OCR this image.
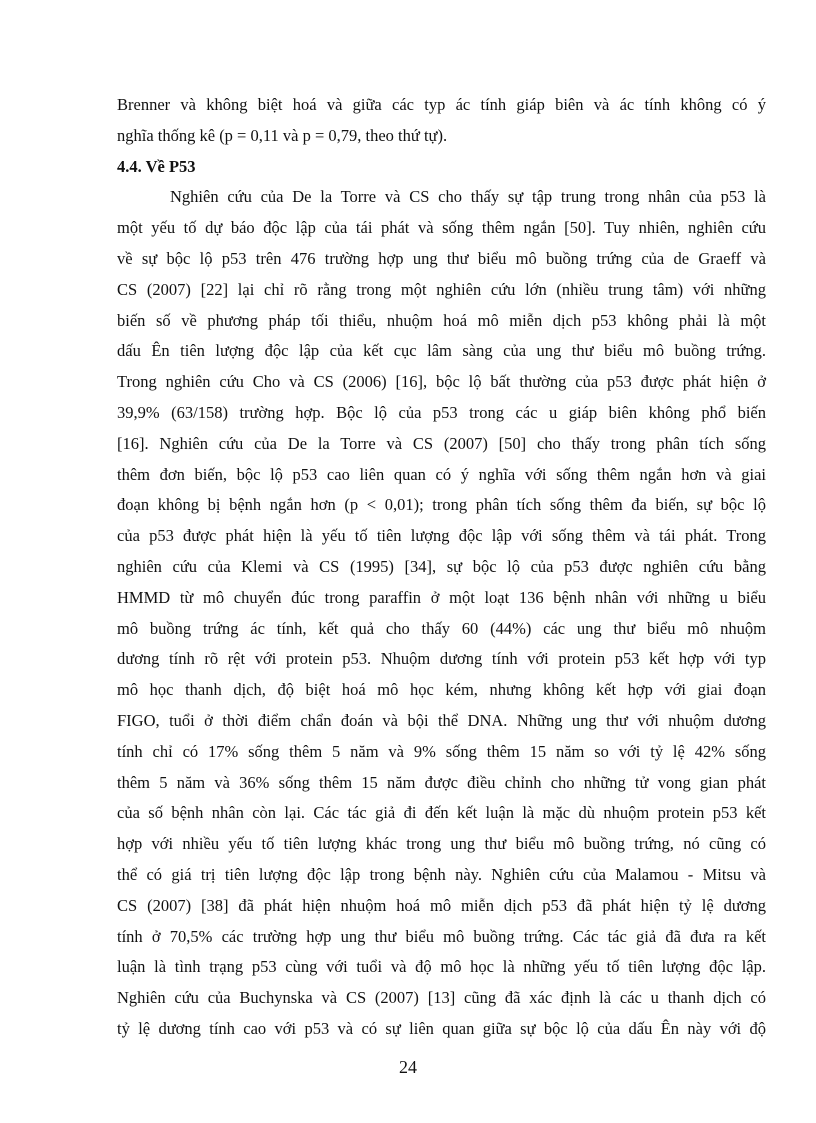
Brenner và không biệt hoá và giữa các typ ác tính giáp biên và ác tính không có ý
nghĩa thống kê (p = 0,11 và p = 0,79, theo thứ tự).
4.4. Về P53
Nghiên cứu của De la Torre và CS cho thấy sự tập trung trong nhân của p53 là
một yếu tố dự báo độc lập của tái phát và sống thêm ngắn [50]. Tuy nhiên, nghiên cứu
về sự bộc lộ p53 trên 476 trường hợp ung thư biểu mô buồng trứng của de Graeff và
CS (2007) [22] lại chỉ rõ rằng trong một nghiên cứu lớn (nhiều trung tâm) với những
biến số về phương pháp tối thiểu, nhuộm hoá mô miễn dịch p53 không phải là một
dấu Ên tiên lượng độc lập của kết cục lâm sàng của ung thư biểu mô buồng trứng.
Trong nghiên cứu Cho và CS (2006) [16], bộc lộ bất thường của p53 được phát hiện ở
39,9% (63/158) trường hợp. Bộc lộ của p53 trong các u giáp biên không phổ biến
[16]. Nghiên cứu của De la Torre và CS (2007) [50] cho thấy trong phân tích sống
thêm đơn biến, bộc lộ p53 cao liên quan có ý nghĩa với sống thêm ngắn hơn và giai
đoạn không bị bệnh ngắn hơn (p < 0,01); trong phân tích sống thêm đa biến, sự bộc lộ
của p53 được phát hiện là yếu tố tiên lượng độc lập với sống thêm và tái phát. Trong
nghiên cứu của Klemi và CS (1995) [34], sự bộc lộ của p53 được nghiên cứu bằng
HMMD từ mô chuyển đúc trong paraffin ở một loạt 136 bệnh nhân với những u biểu
mô buồng trứng ác tính, kết quả cho thấy 60 (44%) các ung thư biểu mô nhuộm
dương tính rõ rệt với protein p53. Nhuộm dương tính với protein p53 kết hợp với typ
mô học thanh dịch, độ biệt hoá mô học kém, nhưng không kết hợp với giai đoạn
FIGO, tuổi ở thời điểm chẩn đoán và bội thể DNA. Những ung thư với nhuộm dương
tính chỉ có 17% sống thêm 5 năm và 9% sống thêm 15 năm so với tỷ lệ 42% sống
thêm 5 năm và 36% sống thêm 15 năm được điều chỉnh cho những tử vong gian phát
của số bệnh nhân còn lại. Các tác giả đi đến kết luận là mặc dù nhuộm protein p53 kết
hợp với nhiều yếu tố tiên lượng khác trong ung thư biểu mô buồng trứng, nó cũng có
thể có giá trị tiên lượng độc lập trong bệnh này. Nghiên cứu của Malamou - Mitsu và
CS (2007) [38] đã phát hiện nhuộm hoá mô miễn dịch p53 đã phát hiện tỷ lệ dương
tính ở 70,5% các trường hợp ung thư biểu mô buồng trứng. Các tác giả đã đưa ra kết
luận là tình trạng p53 cùng với tuổi và độ mô học là những yếu tố tiên lượng độc lập.
Nghiên cứu của Buchynska và CS (2007) [13] cũng đã xác định là các u thanh dịch có
tỷ lệ dương tính cao với p53 và có sự liên quan giữa sự bộc lộ của dấu Ên này với độ
24
